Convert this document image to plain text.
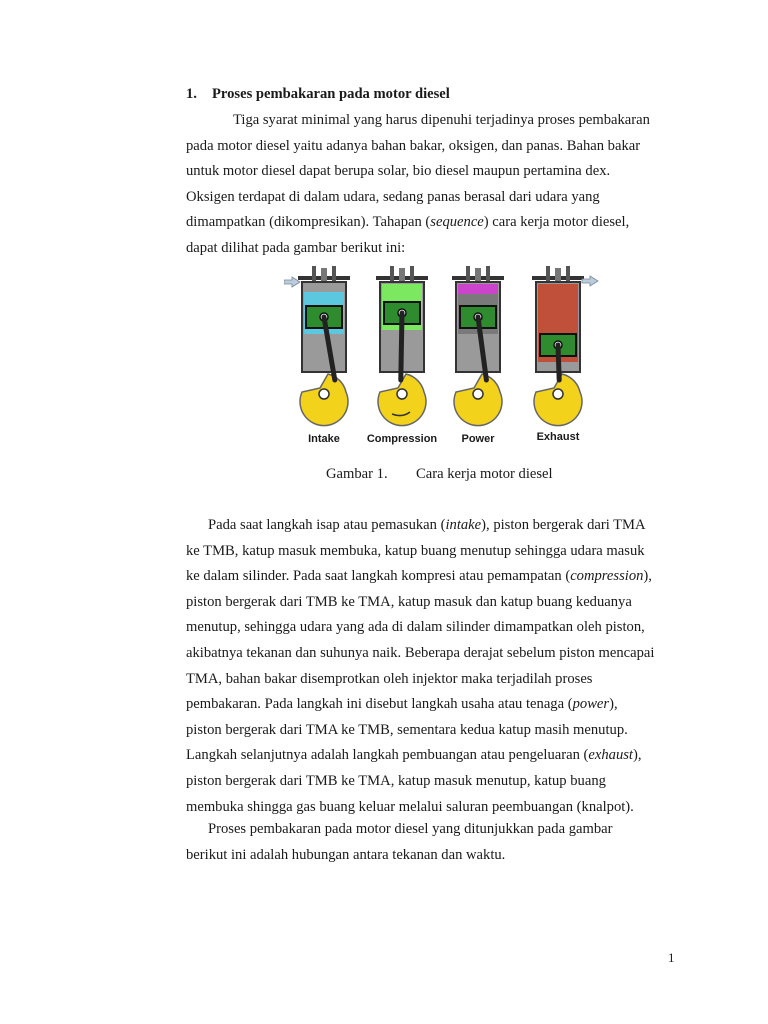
1. Proses pembakaran pada motor diesel

Tiga syarat minimal yang harus dipenuhi terjadinya proses pembakaran
pada motor diesel yaitu adanya bahan bakar, oksigen, dan panas. Bahan bakar
untuk motor diesel dapat berupa solar, bio diesel maupun pertamina dex.
Oksigen terdapat di dalam udara, sedang panas berasal dari udara yang
dimampatkan (dikompresikan). Tahapan (sequence) cara kerja motor diesel,
dapat dilihat pada gambar berikut ini:

Intake Compression Power	Exhaust
Gambar 1. Cara kerja motor diesel

Pada saat langkah isap atau pemasukan (intake), piston bergerak dari TMA
ke TMB, katup masuk membuka, katup buang menutup sehingga udara masuk
ke dalam silinder. Pada saat langkah kompresi atau pemampatan (compression),
piston bergerak dari TMB ke TMA, katup masuk dan katup buang keduanya
menutup, sehingga udara yang ada di dalam silinder dimampatkan oleh piston,
akibatnya tekanan dan suhunya naik. Beberapa derajat sebelum piston mencapai
TMA, bahan bakar disemprotkan oleh injektor maka terjadilah proses
pembakaran. Pada langkah ini disebut langkah usaha atau tenaga (power),
piston bergerak dari TMA ke TMB, sementara kedua katup masih menutup.
Langkah selanjutnya adalah langkah pembuangan atau pengeluaran (exhaust),
piston bergerak dari TMB ke TMA, katup masuk menutup, katup buang
membuka shingga gas buang keluar melalui saluran peembuangan (knalpot).

Proses pembakaran pada motor diesel yang ditunjukkan pada gambar
berikut ini adalah hubungan antara tekanan dan waktu.

1
